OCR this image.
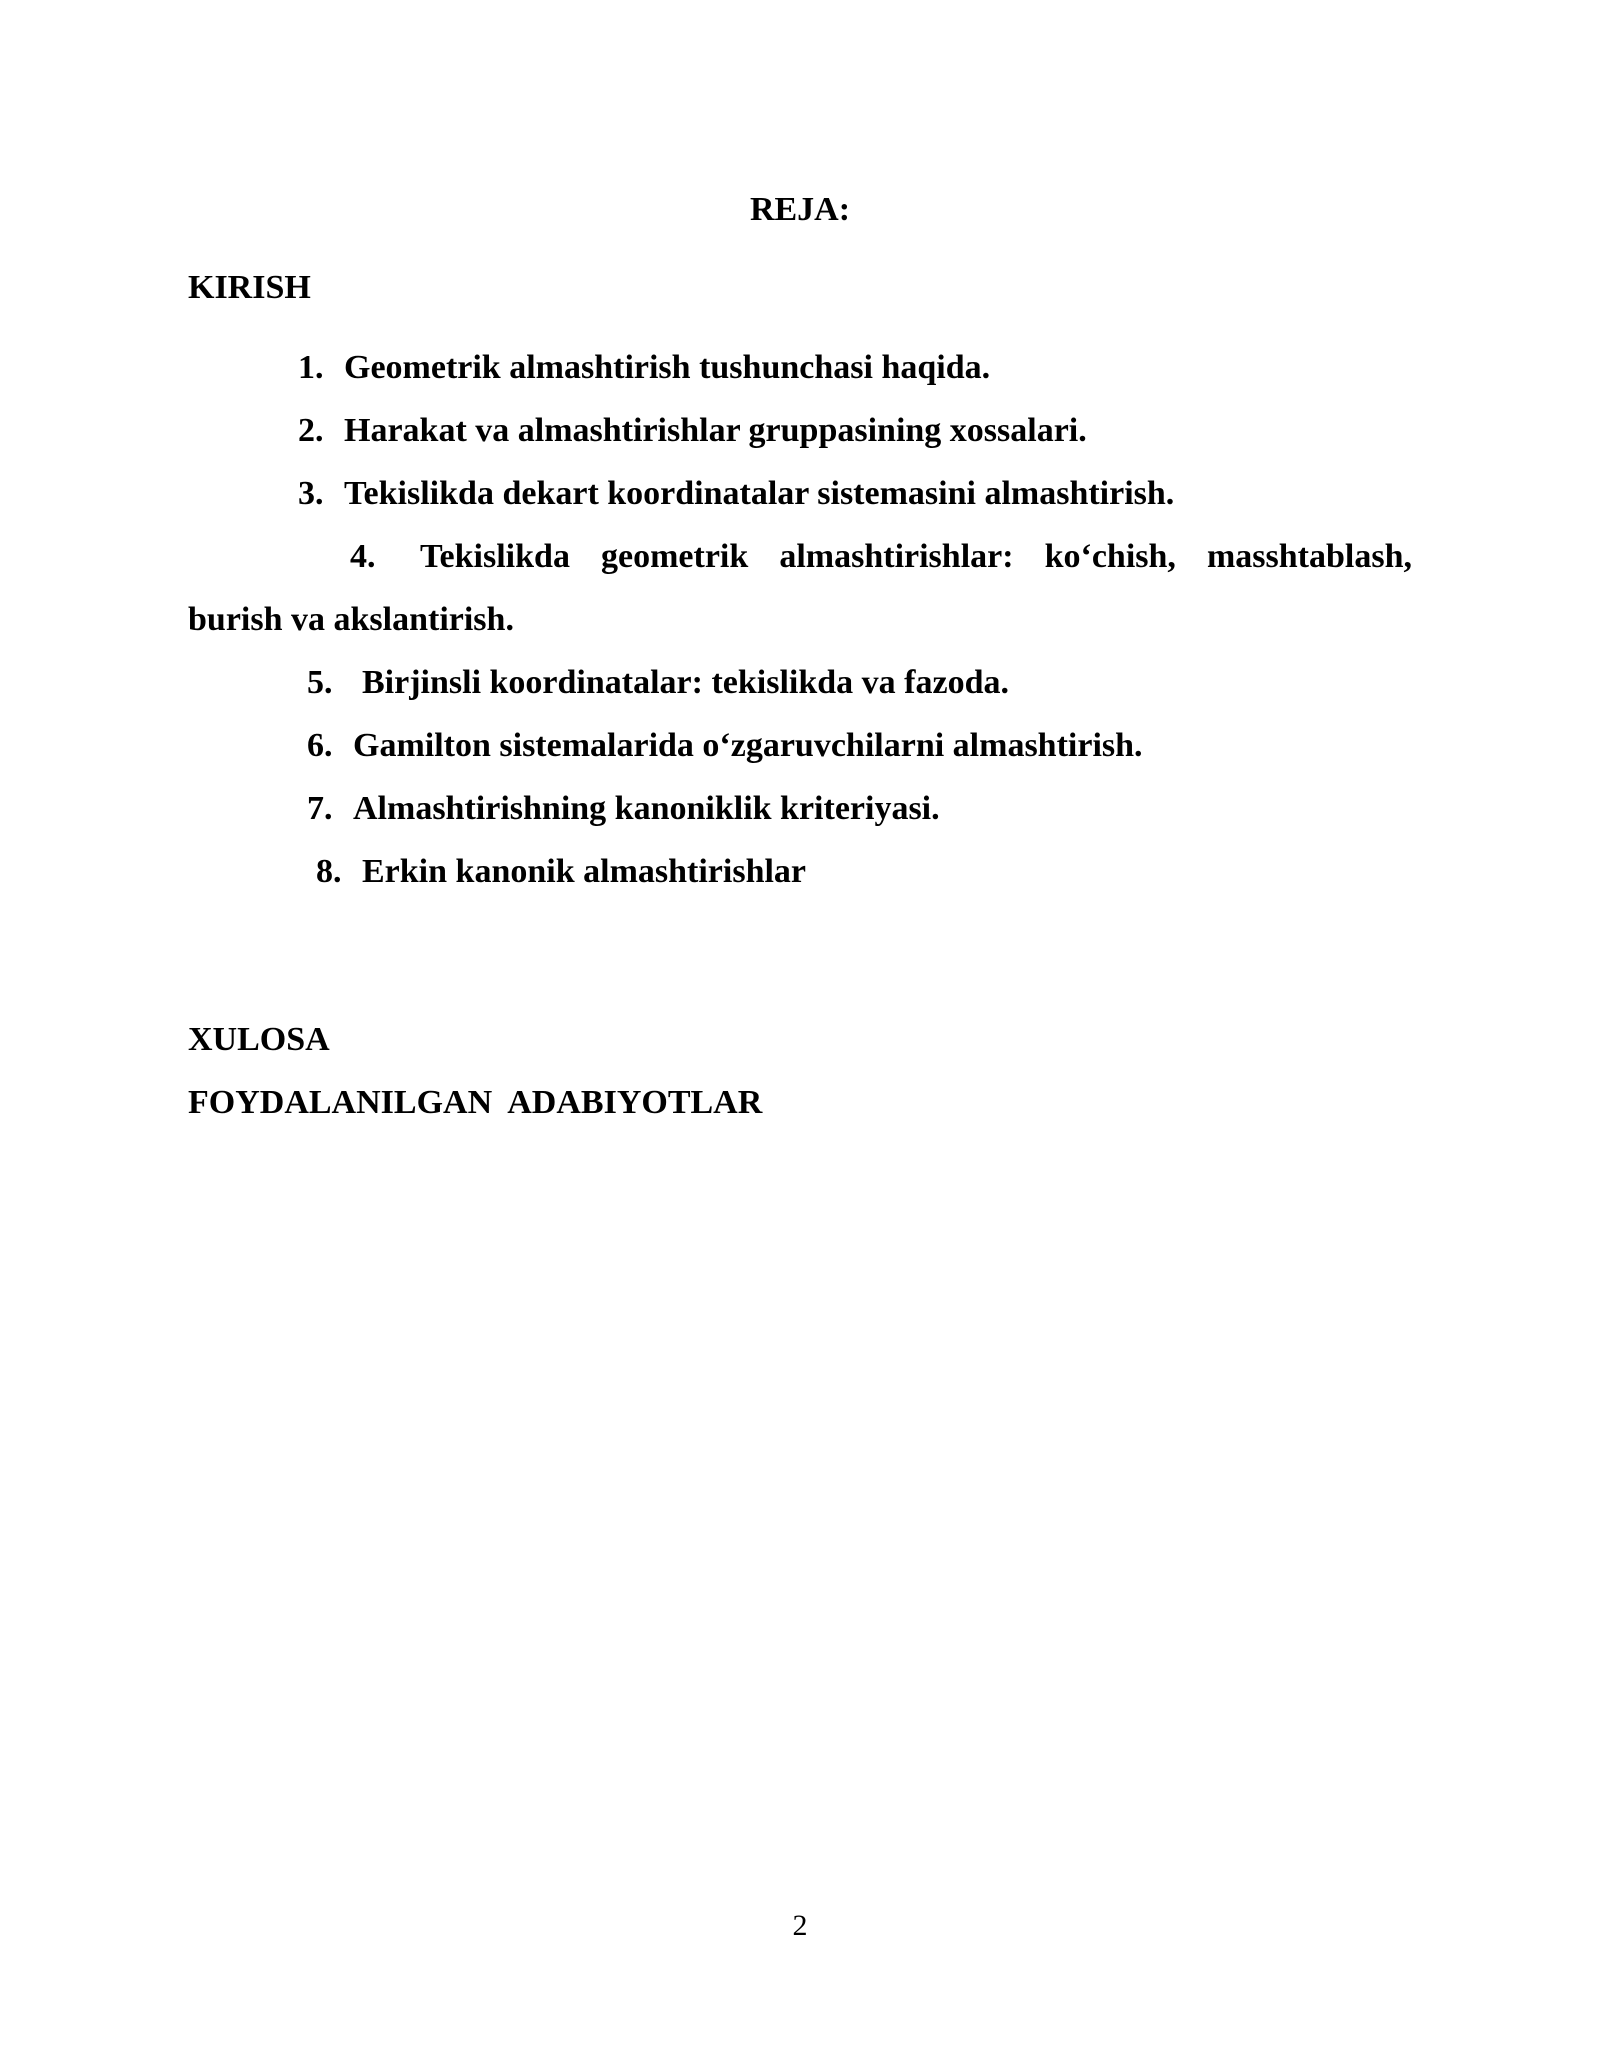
REJA:
KIRISH
1. Geometrik almashtirish tushunchasi haqida.
2. Harakat va almashtirishlar gruppasining xossalari.
3. Tekislikda dekart koordinatalar sistemasini almashtirish.
4. Tekislikda geometrik almashtirishlar: ko‘chish, masshtablash,
burish va akslantirish.
5. Birjinsli koordinatalar: tekislikda va fazoda.
6. Gamilton sistemalarida o‘zgaruvchilarni almashtirish.
7. Almashtirishning kanoniklik kriteriyasi.
8. Erkin kanonik almashtirishlar
XULOSA
FOYDALANILGAN  ADABIYOTLAR
2
